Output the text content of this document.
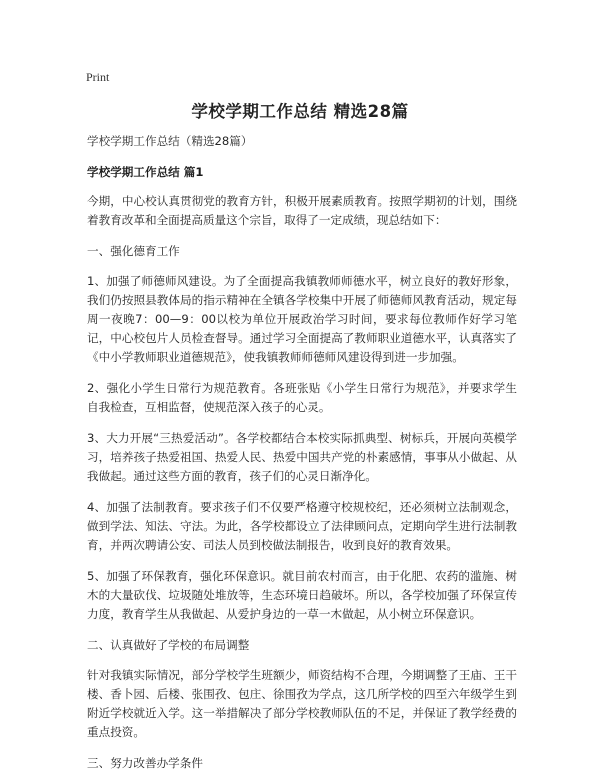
Print
学校学期工作总结 精选28篇

学校学期工作总结（精选28篇）

学校学期工作总结 篇1

今期，中心校认真贯彻党的教育方针，积极开展素质教育。按照学期初的计划，围绕着教育改革和全面提高质量这个宗旨，取得了一定成绩，现总结如下：

一、强化德育工作

1、加强了师德师风建设。为了全面提高我镇教师师德水平，树立良好的教好形象，我们仍按照县教体局的指示精神在全镇各学校集中开展了师德师风教育活动，规定每周一夜晚7：00—9：00以校为单位开展政治学习时间，要求每位教师作好学习笔记，中心校包片人员检查督导。通过学习全面提高了教师职业道德水平，认真落实了《中小学教师职业道德规范》，使我镇教师师德师风建设得到进一步加强。

2、强化小学生日常行为规范教育。各班张贴《小学生日常行为规范》，并要求学生自我检查，互相监督，使规范深入孩子的心灵。

3、大力开展“三热爱活动”。各学校都结合本校实际抓典型、树标兵，开展向英模学习，培养孩子热爱祖国、热爱人民、热爱中国共产党的朴素感情，事事从小做起、从我做起。通过这些方面的教育，孩子们的心灵日渐净化。

4、加强了法制教育。要求孩子们不仅要严格遵守校规校纪，还必须树立法制观念，做到学法、知法、守法。为此，各学校都设立了法律顾问点，定期向学生进行法制教育，并两次聘请公安、司法人员到校做法制报告，收到良好的教育效果。

5、加强了环保教育，强化环保意识。就目前农村而言，由于化肥、农药的滥施、树木的大量砍伐、垃圾随处堆放等，生态环境日趋破坏。所以，各学校加强了环保宣传力度，教育学生从我做起、从爱护身边的一草一木做起，从小树立环保意识。

二、认真做好了学校的布局调整

针对我镇实际情况，部分学校学生班额少，师资结构不合理，今期调整了王庙、王干楼、香卜园、后楼、张围孜、包庄、徐围孜为学点，这几所学校的四至六年级学生到附近学校就近入学。这一举措解决了部分学校教师队伍的不足，并保证了教学经费的重点投资。

三、努力改善办学条件
